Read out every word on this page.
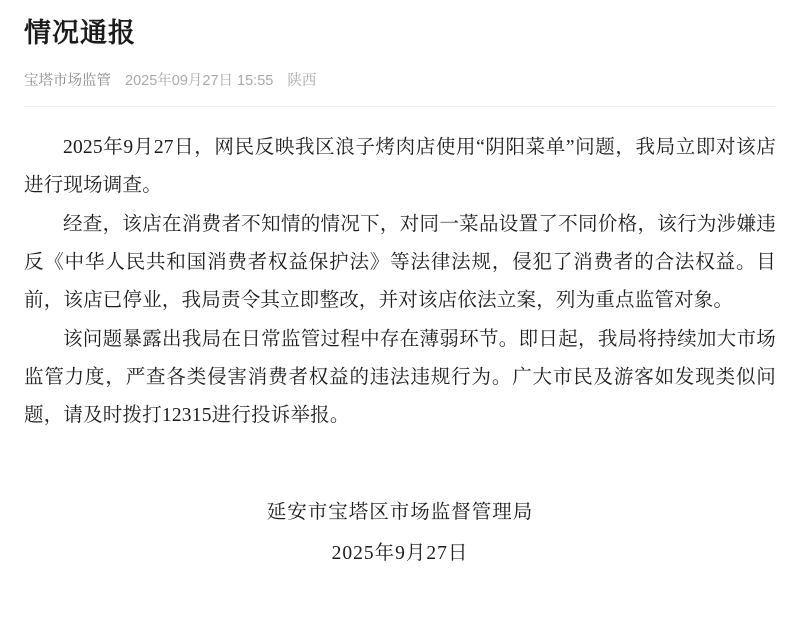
情况通报
宝塔市场监管 2025年09月27日 15:55 陕西

2025年9月27日，网民反映我区浪子烤肉店使用“阴阳菜单”问题，我局立即对该店进行现场调查。

经查，该店在消费者不知情的情况下，对同一菜品设置了不同价格，该行为涉嫌违反《中华人民共和国消费者权益保护法》等法律法规，侵犯了消费者的合法权益。目前，该店已停业，我局责令其立即整改，并对该店依法立案，列为重点监管对象。

该问题暴露出我局在日常监管过程中存在薄弱环节。即日起，我局将持续加大市场监管力度，严查各类侵害消费者权益的违法违规行为。广大市民及游客如发现类似问题，请及时拨打12315进行投诉举报。

延安市宝塔区市场监督管理局
2025年9月27日
